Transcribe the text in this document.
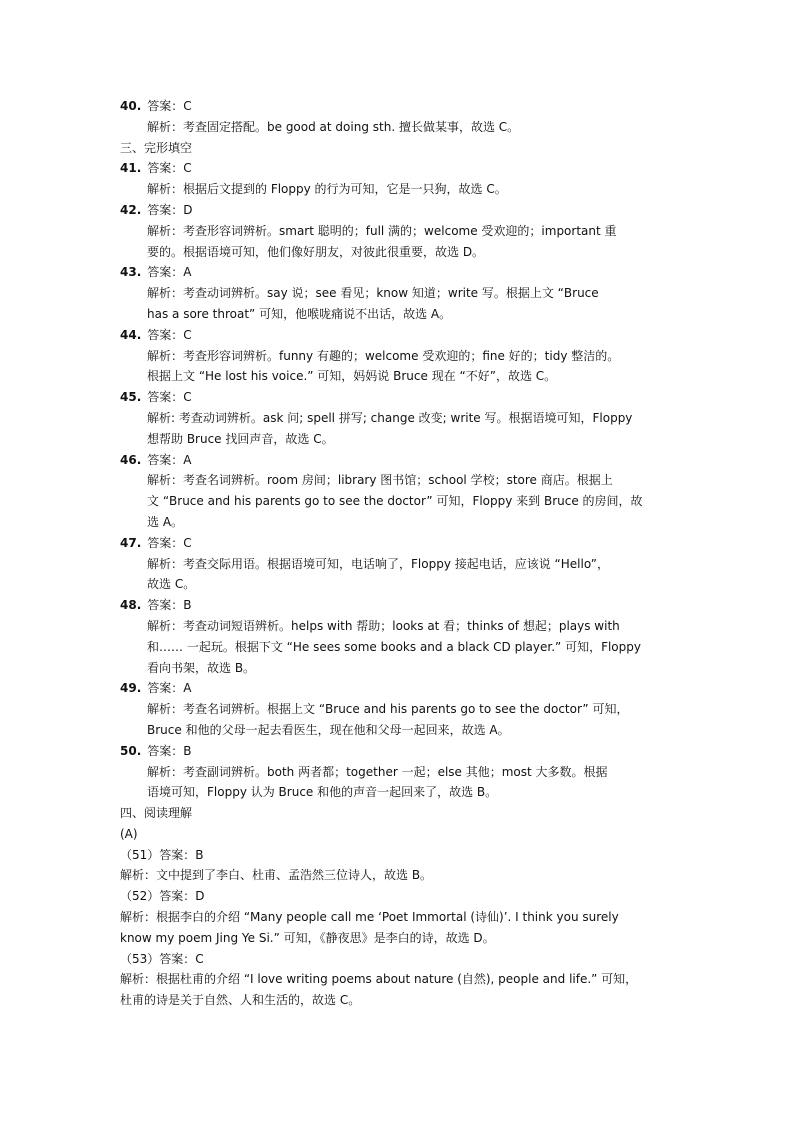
40. 答案：C
解析：考查固定搭配。be good at doing sth. 擅长做某事，故选 C。
三、完形填空
41. 答案：C
解析：根据后文提到的 Floppy 的行为可知，它是一只狗，故选 C。
42. 答案：D
解析：考查形容词辨析。smart 聪明的；full 满的；welcome 受欢迎的；important 重
要的。根据语境可知，他们像好朋友，对彼此很重要，故选 D。
43. 答案：A
解析：考查动词辨析。say 说；see 看见；know 知道；write 写。根据上文 “Bruce
has a sore throat” 可知，他喉咙痛说不出话，故选 A。
44. 答案：C
解析：考查形容词辨析。funny 有趣的；welcome 受欢迎的；fine 好的；tidy 整洁的。
根据上文 “He lost his voice.” 可知，妈妈说 Bruce 现在 “不好”，故选 C。
45. 答案：C
解析: 考查动词辨析。ask 问; spell 拼写; change 改变; write 写。根据语境可知，Floppy
想帮助 Bruce 找回声音，故选 C。
46. 答案：A
解析：考查名词辨析。room 房间；library 图书馆；school 学校；store 商店。根据上
文 “Bruce and his parents go to see the doctor” 可知，Floppy 来到 Bruce 的房间，故
选 A。
47. 答案：C
解析：考查交际用语。根据语境可知，电话响了，Floppy 接起电话，应该说 “Hello”，
故选 C。
48. 答案：B
解析：考查动词短语辨析。helps with 帮助；looks at 看；thinks of 想起；plays with
和…… 一起玩。根据下文 “He sees some books and a black CD player.” 可知，Floppy
看向书架，故选 B。
49. 答案：A
解析：考查名词辨析。根据上文 “Bruce and his parents go to see the doctor” 可知，
Bruce 和他的父母一起去看医生，现在他和父母一起回来，故选 A。
50. 答案：B
解析：考查副词辨析。both 两者都；together 一起；else 其他；most 大多数。根据
语境可知，Floppy 认为 Bruce 和他的声音一起回来了，故选 B。
四、阅读理解
(A)
（51）答案：B
解析：文中提到了李白、杜甫、孟浩然三位诗人，故选 B。
（52）答案：D
解析：根据李白的介绍 “Many people call me ‘Poet Immortal (诗仙)’. I think you surely
know my poem Jing Ye Si.” 可知，《静夜思》是李白的诗，故选 D。
（53）答案：C
解析：根据杜甫的介绍 “I love writing poems about nature (自然), people and life.” 可知，
杜甫的诗是关于自然、人和生活的，故选 C。
